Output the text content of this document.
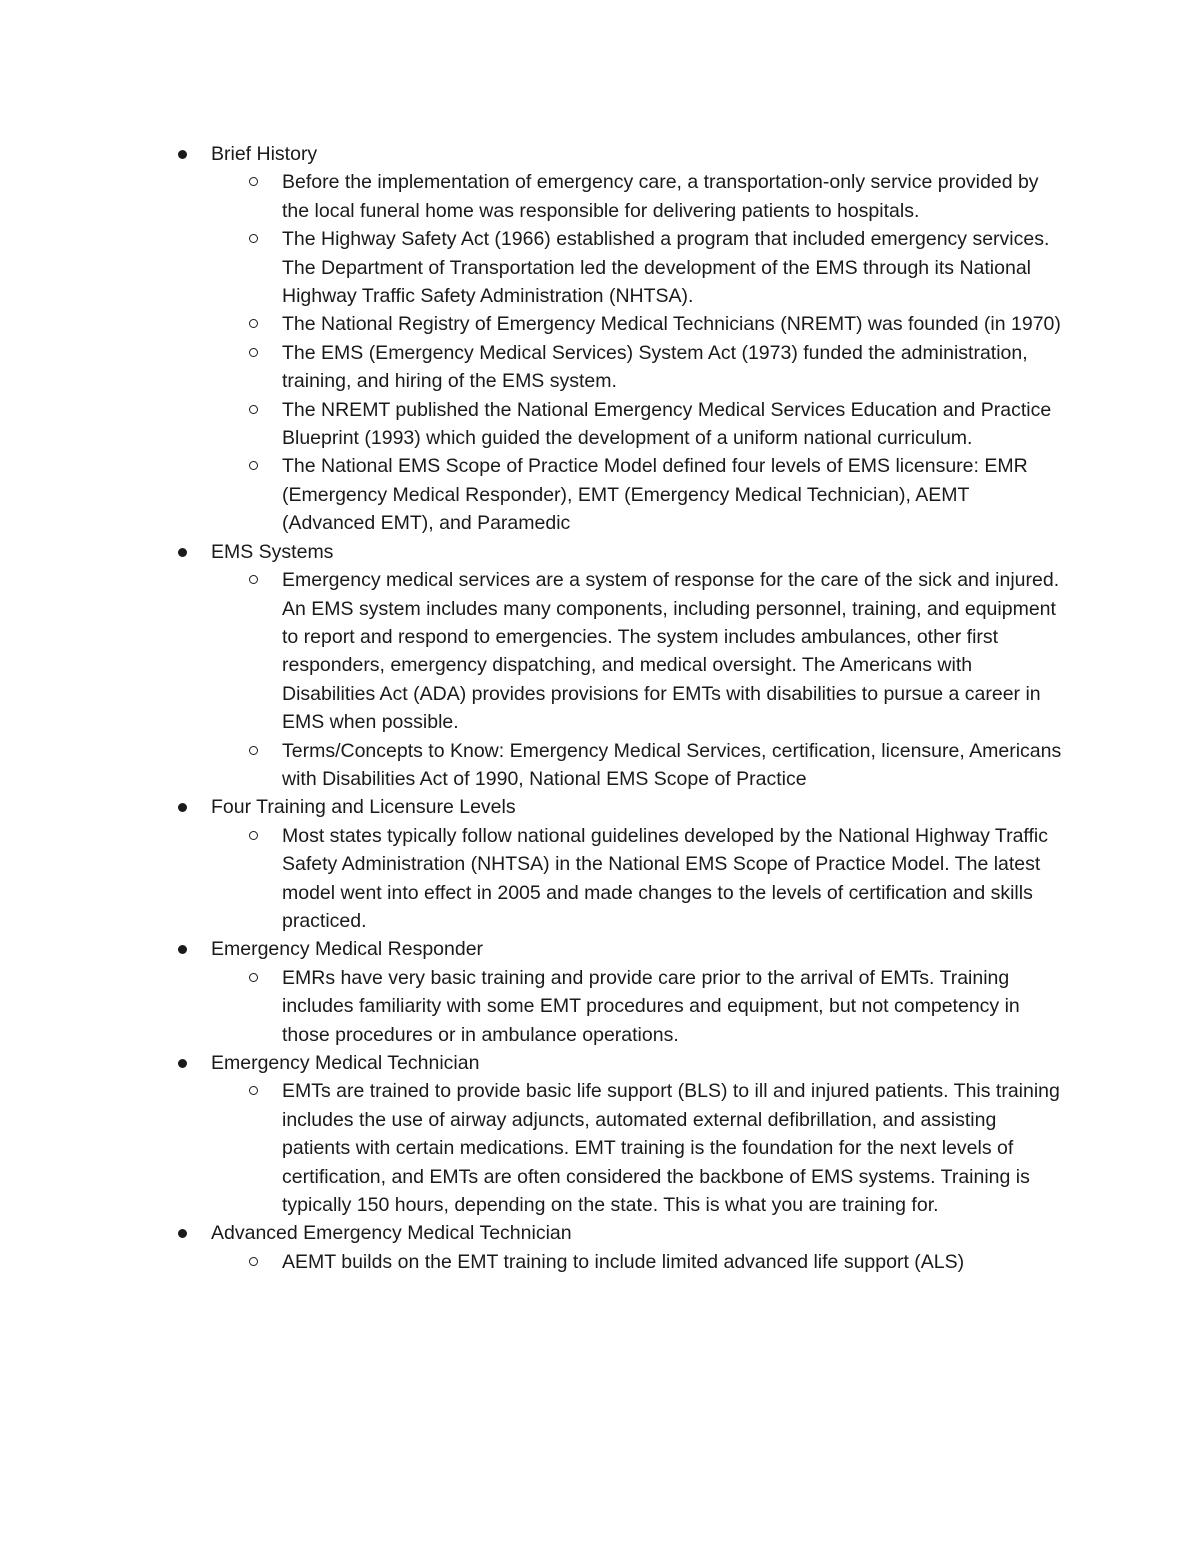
Brief History
Before the implementation of emergency care, a transportation-only service provided by the local funeral home was responsible for delivering patients to hospitals.
The Highway Safety Act (1966) established a program that included emergency services. The Department of Transportation led the development of the EMS through its National Highway Traffic Safety Administration (NHTSA).
The National Registry of Emergency Medical Technicians (NREMT) was founded (in 1970)
The EMS (Emergency Medical Services) System Act (1973) funded the administration, training, and hiring of the EMS system.
The NREMT published the National Emergency Medical Services Education and Practice Blueprint (1993) which guided the development of a uniform national curriculum.
The National EMS Scope of Practice Model defined four levels of EMS licensure: EMR (Emergency Medical Responder), EMT (Emergency Medical Technician), AEMT (Advanced EMT), and Paramedic
EMS Systems
Emergency medical services are a system of response for the care of the sick and injured. An EMS system includes many components, including personnel, training, and equipment to report and respond to emergencies. The system includes ambulances, other first responders, emergency dispatching, and medical oversight. The Americans with Disabilities Act (ADA) provides provisions for EMTs with disabilities to pursue a career in EMS when possible.
Terms/Concepts to Know: Emergency Medical Services, certification, licensure, Americans with Disabilities Act of 1990, National EMS Scope of Practice
Four Training and Licensure Levels
Most states typically follow national guidelines developed by the National Highway Traffic Safety Administration (NHTSA) in the National EMS Scope of Practice Model. The latest model went into effect in 2005 and made changes to the levels of certification and skills practiced.
Emergency Medical Responder
EMRs have very basic training and provide care prior to the arrival of EMTs. Training includes familiarity with some EMT procedures and equipment, but not competency in those procedures or in ambulance operations.
Emergency Medical Technician
EMTs are trained to provide basic life support (BLS) to ill and injured patients. This training includes the use of airway adjuncts, automated external defibrillation, and assisting patients with certain medications. EMT training is the foundation for the next levels of certification, and EMTs are often considered the backbone of EMS systems. Training is typically 150 hours, depending on the state. This is what you are training for.
Advanced Emergency Medical Technician
AEMT builds on the EMT training to include limited advanced life support (ALS)
